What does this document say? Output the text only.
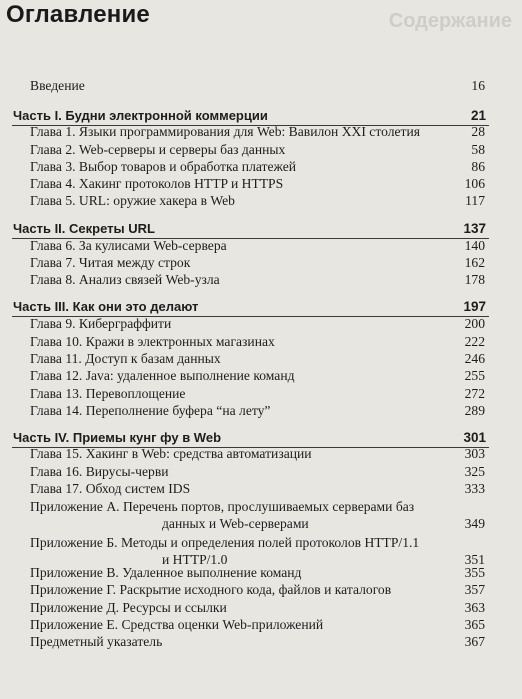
Оглавление	Содержание
Введение	16
Часть I. Будни электронной коммерции	21
Глава 1. Языки программирования для Web: Вавилон XXI столетия	28
Глава 2. Web-серверы и серверы баз данных	58
Глава 3. Выбор товаров и обработка платежей	86
Глава 4. Хакинг протоколов HTTP и HTTPS	106
Глава 5. URL: оружие хакера в Web	117
Часть II. Секреты URL	137
Глава 6. За кулисами Web-сервера	140
Глава 7. Читая между строк	162
Глава 8. Анализ связей Web-узла	178
Часть III. Как они это делают	197
Глава 9. Киберграффити	200
Глава 10. Кражи в электронных магазинах	222
Глава 11. Доступ к базам данных	246
Глава 12. Java: удаленное выполнение команд	255
Глава 13. Перевоплощение	272
Глава 14. Переполнение буфера “на лету”	289
Часть IV. Приемы кунг фу в Web	301
Глава 15. Хакинг в Web: средства автоматизации	303
Глава 16. Вирусы-черви	325
Глава 17. Обход систем IDS	333
Приложение А. Перечень портов, прослушиваемых серверами баз
данных и Web-серверами	349
Приложение Б. Методы и определения полей протоколов HTTP/1.1
и HTTP/1.0	351
Приложение В. Удаленное выполнение команд	355
Приложение Г. Раскрытие исходного кода, файлов и каталогов	357
Приложение Д. Ресурсы и ссылки	363
Приложение Е. Средства оценки Web-приложений	365
Предметный указатель	367
